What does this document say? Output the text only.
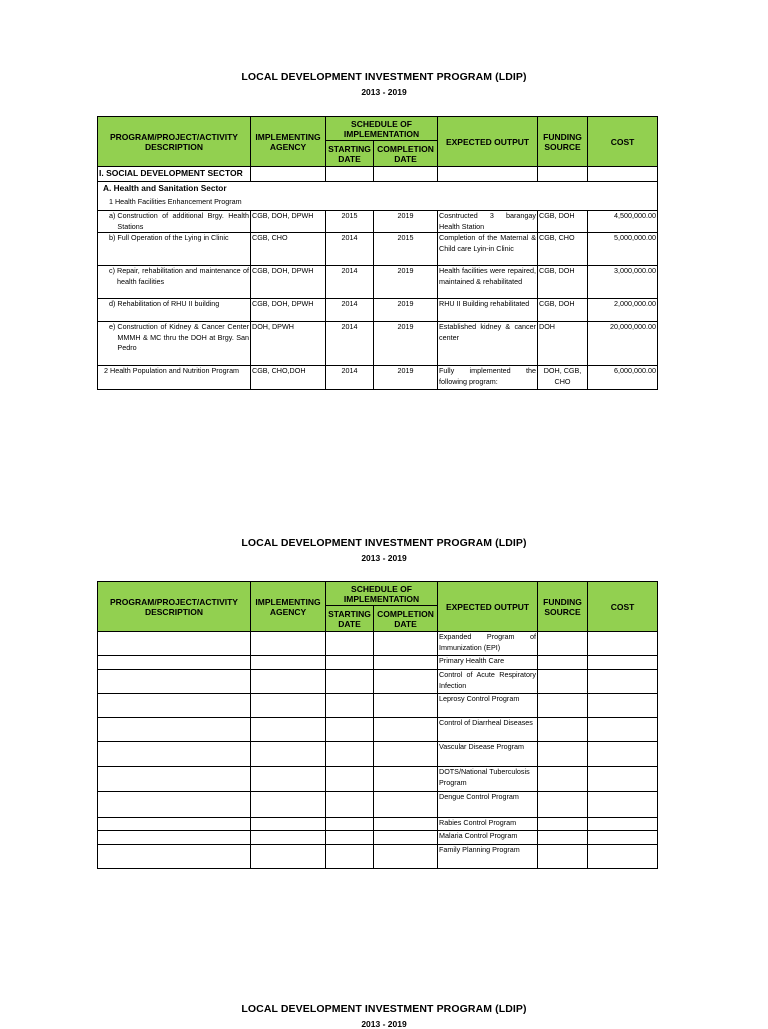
LOCAL DEVELOPMENT INVESTMENT PROGRAM (LDIP)
2013 - 2019
PROGRAM/PROJECT/ACTIVITY DESCRIPTION	IMPLEMENTING AGENCY	SCHEDULE OF IMPLEMENTATION		EXPECTED OUTPUT	FUNDING SOURCE	COST
		STARTING DATE	COMPLETION DATE			
I. SOCIAL DEVELOPMENT SECTOR						
A. Health and Sanitation Sector						
1 Health Facilities Enhancement Program						

a) Construction of additional Brgy. Health Stations	CGB, DOH, DPWH	2015	2019	Cosntructed 3 barangay Health Station	CGB, DOH	4,500,000.00

b) Full Operation of the Lying in Clinic	CGB, CHO	2014	2015	Completion of the Maternal & Child care Lyin-in Clinic	CGB, CHO	5,000,000.00

c) Repair, rehabilitation and maintenance of health facilities	CGB, DOH, DPWH	2014	2019	Health facilities were repaired, maintained & rehabilitated	CGB, DOH	3,000,000.00

d) Rehabilitation of RHU II building	CGB, DOH, DPWH	2014	2019	RHU II Building rehabilitated	CGB, DOH	2,000,000.00

e) Construction of Kidney & Cancer Center MMMH & MC thru the DOH at Brgy. San Pedro	DOH, DPWH	2014	2019	Established kidney & cancer center	DOH	20,000,000.00

2 Health Population and Nutrition Program	CGB, CHO,DOH	2014	2019	Fully implemented the following program:	DOH, CGB, CHO	6,000,000.00
LOCAL DEVELOPMENT INVESTMENT PROGRAM (LDIP)
2013 - 2019
PROGRAM/PROJECT/ACTIVITY DESCRIPTION	IMPLEMENTING AGENCY	SCHEDULE OF IMPLEMENTATION		EXPECTED OUTPUT	FUNDING SOURCE	COST
		STARTING DATE	COMPLETION DATE			
				Expanded Program of Immunization (EPI)		
				Primary Health Care		
				Control of Acute Respiratory Infection		
				Leprosy Control Program		
				Control of Diarrheal Diseases		
				Vascular Disease Program		
				DOTS/National Tuberculosis Program		
				Dengue Control Program		
				Rabies Control Program		
				Malaria Control Program		
				Family Planning Program		
LOCAL DEVELOPMENT INVESTMENT PROGRAM (LDIP)
2013 - 2019
